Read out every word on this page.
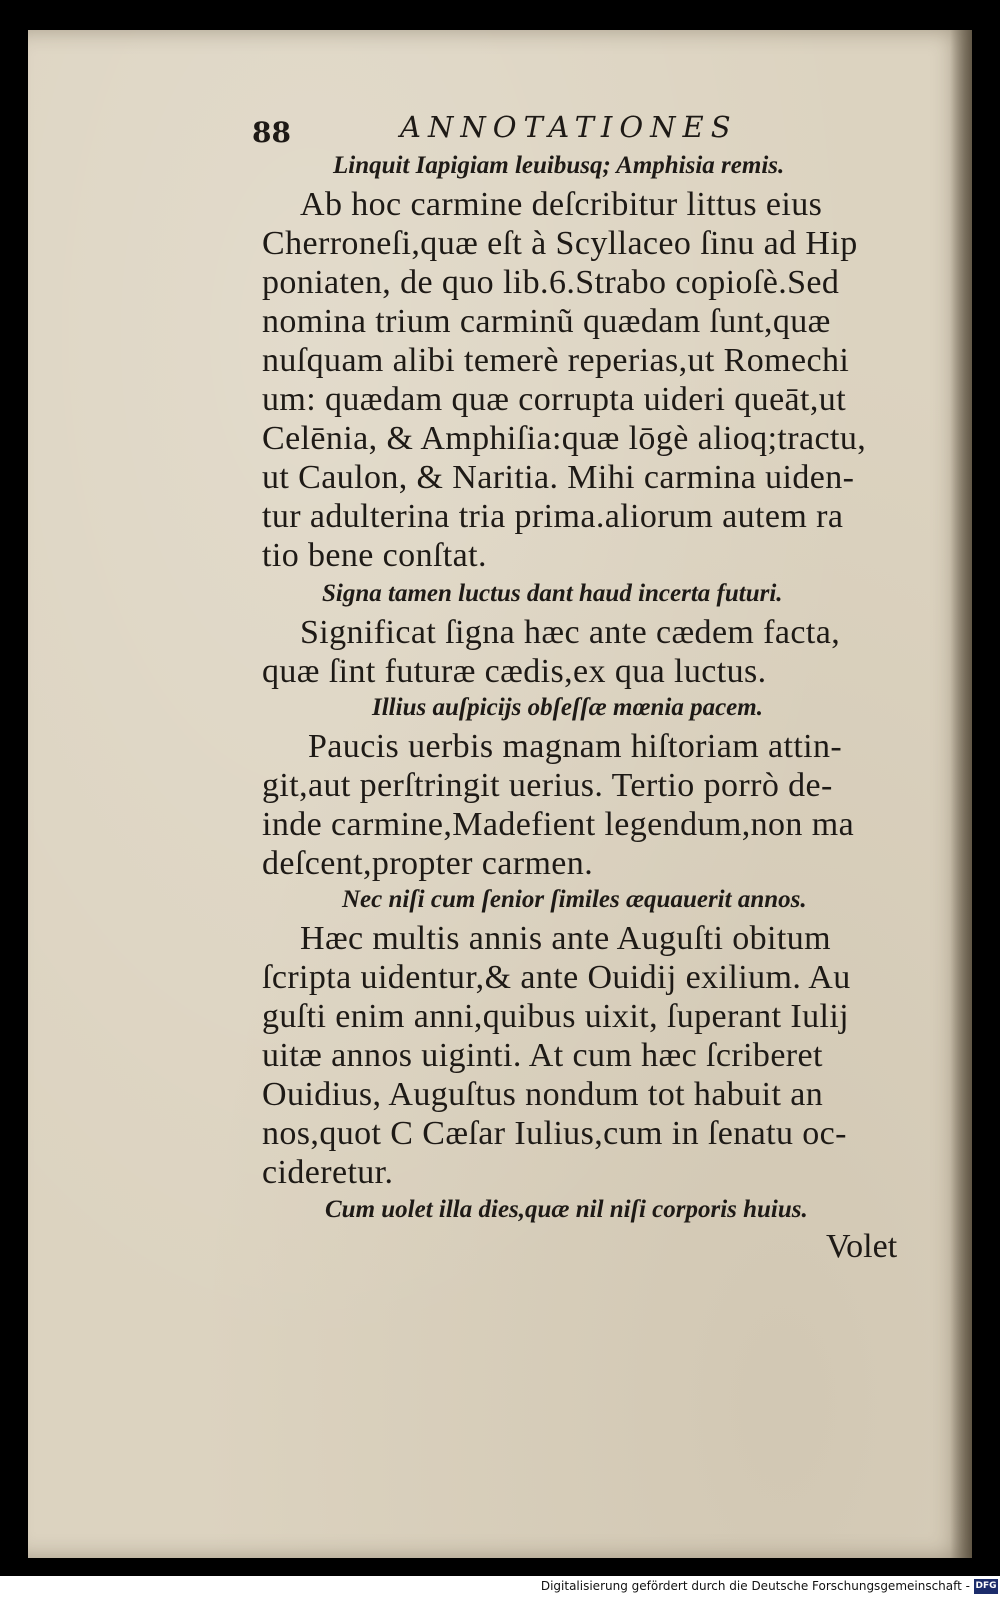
88	ANNOTATIONES
Linquit Iapigiam leuibusq; Amphisia remis.
Ab hoc carmine deſcribitur littus eius
Cherroneſi,quæ eſt à Scyllaceo ſinu ad Hip
poniaten, de quo lib.6.Strabo copioſè.Sed
nomina trium carminũ quædam ſunt,quæ
nuſquam alibi temerè reperias,ut Romechi
um: quædam quæ corrupta uideri queāt,ut
Celēnia, & Amphiſia:quæ lōgè alioq;tractu,
ut Caulon, & Naritia. Mihi carmina uiden-
tur adulterina tria prima.aliorum autem ra
tio bene conſtat.
Signa tamen luctus dant haud incerta futuri.
Significat ſigna hæc ante cædem facta,
quæ ſint futuræ cædis,ex qua luctus.
Illius auſpicijs obſeſſæ mœnia pacem.
Paucis uerbis magnam hiſtoriam attin-
git,aut perſtringit uerius. Tertio porrò de-
inde carmine,Madefient legendum,non ma
deſcent,propter carmen.
Nec niſi cum ſenior ſimiles æquauerit annos.
Hæc multis annis ante Auguſti obitum
ſcripta uidentur,& ante Ouidij exilium. Au
guſti enim anni,quibus uixit, ſuperant Iulij
uitæ annos uiginti. At cum hæc ſcriberet
Ouidius, Auguſtus nondum tot habuit an
nos,quot C Cæſar Iulius,cum in ſenatu oc-
cideretur.
Cum uolet illa dies,quæ nil niſi corporis huius.
Volet
Digitalisierung gefördert durch die Deutsche Forschungsgemeinschaft - DFG
